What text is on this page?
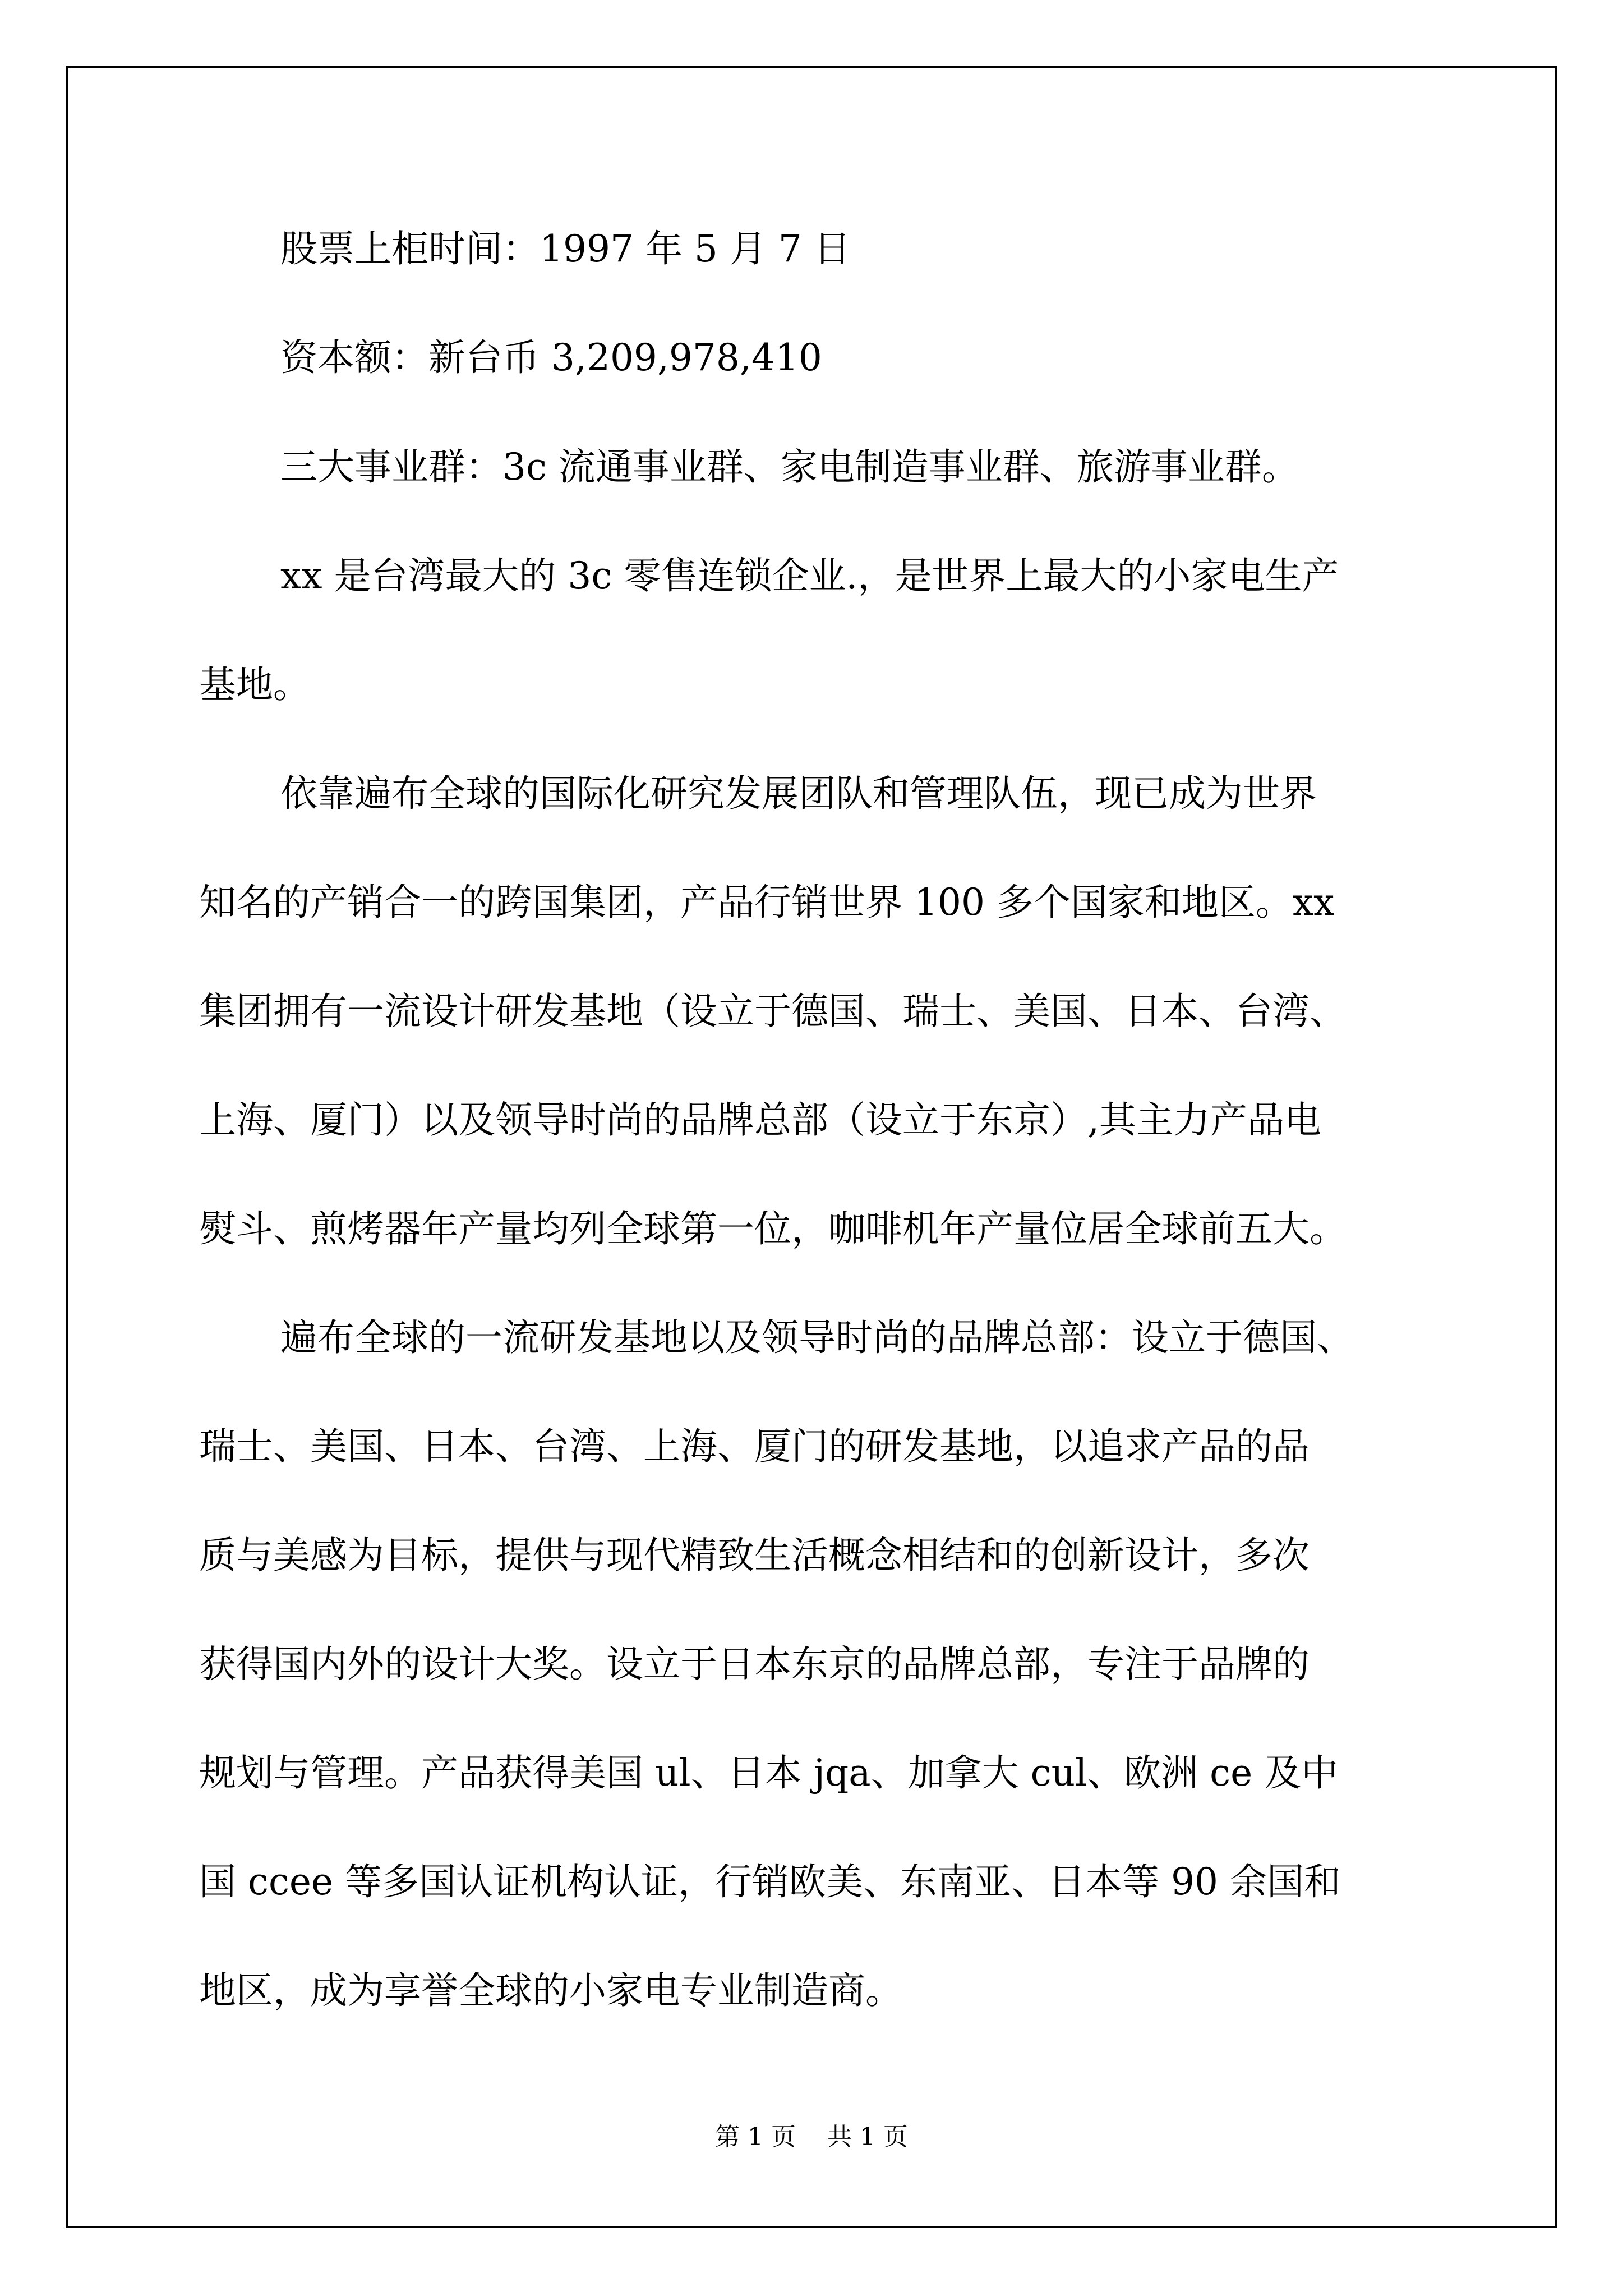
股票上柜时间：1997 年 5 月 7 日
资本额：新台币 3,209,978,410
三大事业群：3c 流通事业群、家电制造事业群、旅游事业群。
xx 是台湾最大的 3c 零售连锁企业.，是世界上最大的小家电生产
基地。
依靠遍布全球的国际化研究发展团队和管理队伍，现已成为世界
知名的产销合一的跨国集团，产品行销世界 100 多个国家和地区。xx
集团拥有一流设计研发基地（设立于德国、瑞士、美国、日本、台湾、
上海、厦门）以及领导时尚的品牌总部（设立于东京）,其主力产品电
熨斗、煎烤器年产量均列全球第一位，咖啡机年产量位居全球前五大。
遍布全球的一流研发基地以及领导时尚的品牌总部：设立于德国、
瑞士、美国、日本、台湾、上海、厦门的研发基地，以追求产品的品
质与美感为目标，提供与现代精致生活概念相结和的创新设计，多次
获得国内外的设计大奖。设立于日本东京的品牌总部，专注于品牌的
规划与管理。产品获得美国 ul、日本 jqa、加拿大 cul、欧洲 ce 及中
国 ccee 等多国认证机构认证，行销欧美、东南亚、日本等 90 余国和
地区，成为享誉全球的小家电专业制造商。
第 1 页    共 1 页
